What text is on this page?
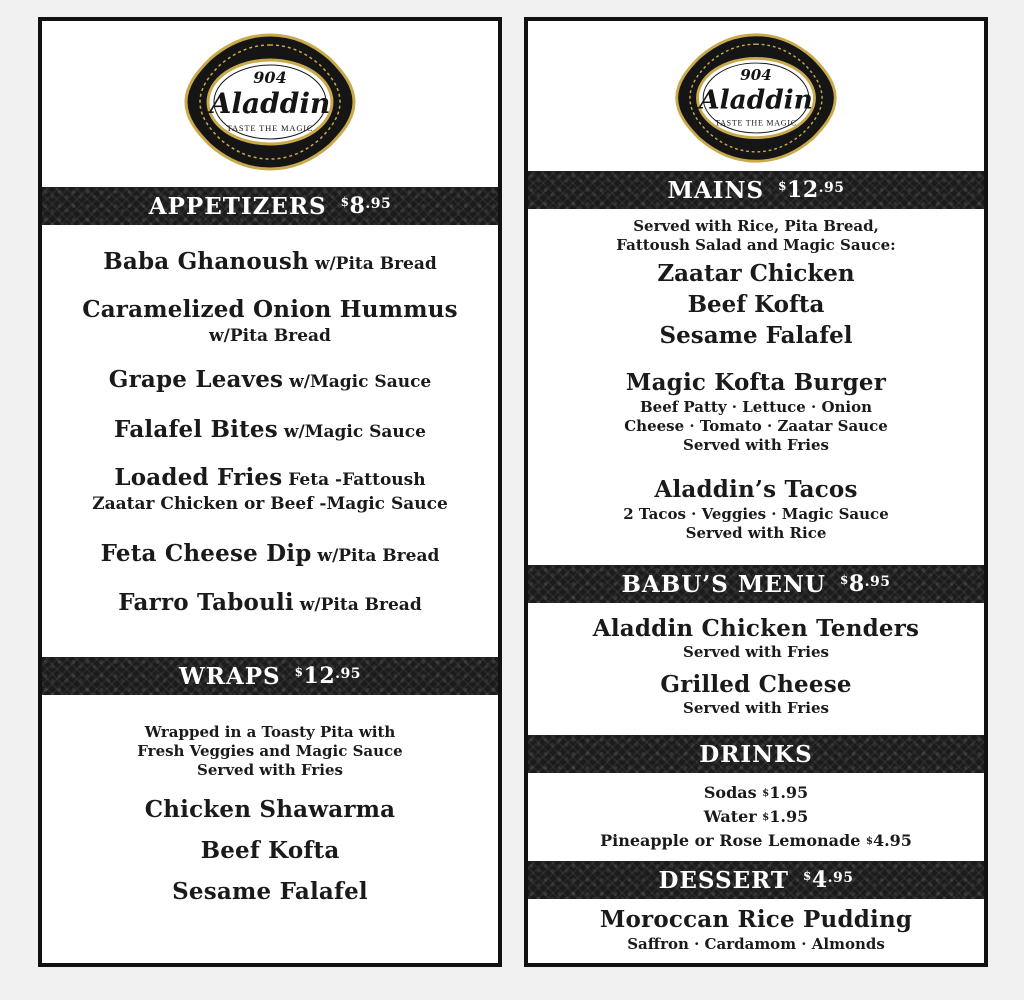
904
Aladdin
TASTE THE MAGIC
APPETIZERS $^{\$}8^{.95}$
Baba Ghanoush w/Pita Bread
Caramelized Onion Hummus
w/Pita Bread
Grape Leaves w/Magic Sauce
Falafel Bites w/Magic Sauce
Loaded Fries Feta -Fattoush
Zaatar Chicken or Beef -Magic Sauce
Feta Cheese Dip w/Pita Bread
Farro Tabouli w/Pita Bread
WRAPS $^{\$}12^{.95}$
Wrapped in a Toasty Pita with
Fresh Veggies and Magic Sauce
Served with Fries
Chicken Shawarma
Beef Kofta
Sesame Falafel
904
Aladdin
TASTE THE MAGIC
MAINS $^{\$}12^{.95}$
Served with Rice, Pita Bread,
Fattoush Salad and Magic Sauce:
Zaatar Chicken
Beef Kofta
Sesame Falafel
Magic Kofta Burger
Beef Patty · Lettuce · Onion
Cheese · Tomato · Zaatar Sauce
Served with Fries
Aladdin’s Tacos
2 Tacos · Veggies · Magic Sauce
Served with Rice
BABU’S MENU $^{\$}8^{.95}$
Aladdin Chicken Tenders
Served with Fries
Grilled Cheese
Served with Fries
DRINKS
Sodas $1.95
Water $1.95
Pineapple or Rose Lemonade $4.95
DESSERT $^{\$}4^{.95}$
Moroccan Rice Pudding
Saffron · Cardamom · Almonds
